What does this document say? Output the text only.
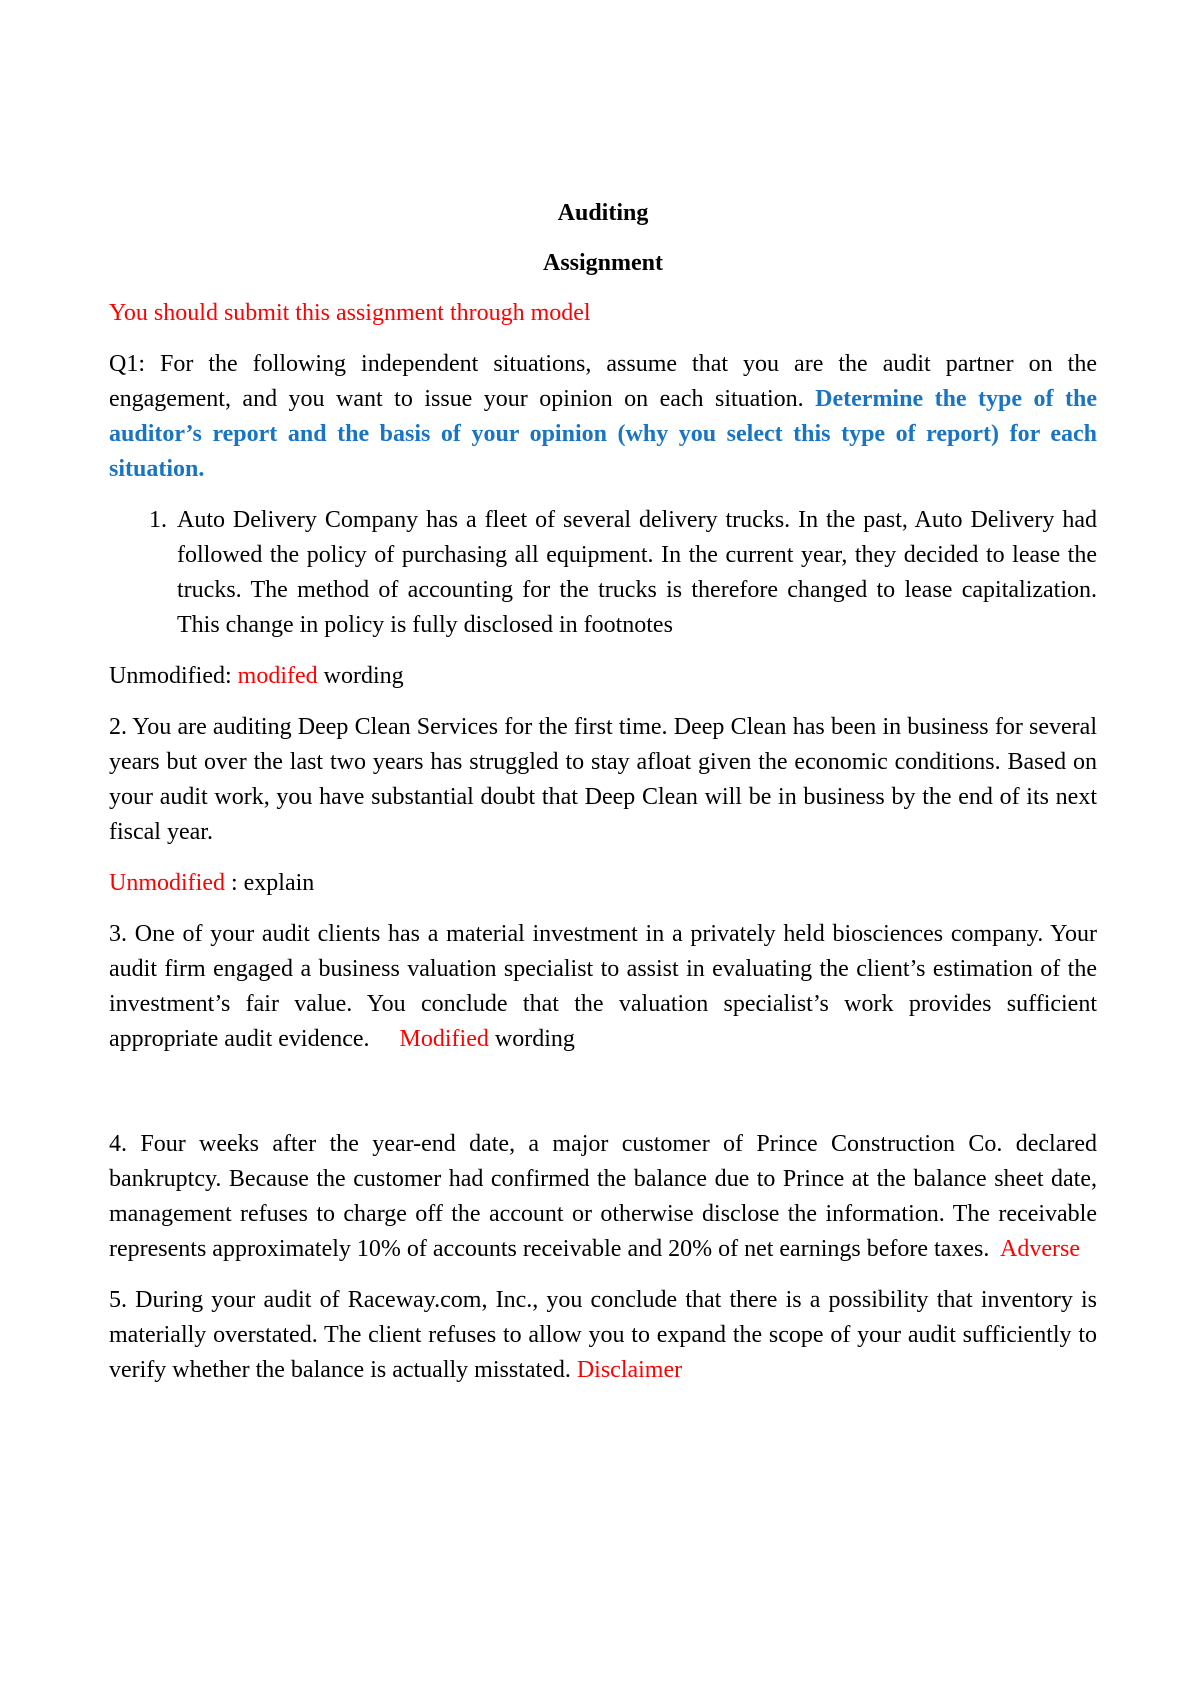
Auditing
Assignment

You should submit this assignment through model

Q1: For the following independent situations, assume that you are the audit partner on the engagement, and you want to issue your opinion on each situation. Determine the type of the auditor’s report and the basis of your opinion (why you select this type of report) for each situation.

1. Auto Delivery Company has a fleet of several delivery trucks. In the past, Auto Delivery had followed the policy of purchasing all equipment. In the current year, they decided to lease the trucks. The method of accounting for the trucks is therefore changed to lease capitalization. This change in policy is fully disclosed in footnotes

Unmodified: modifed wording

2. You are auditing Deep Clean Services for the first time. Deep Clean has been in business for several years but over the last two years has struggled to stay afloat given the economic conditions. Based on your audit work, you have substantial doubt that Deep Clean will be in business by the end of its next fiscal year.

Unmodified : explain

3. One of your audit clients has a material investment in a privately held biosciences company. Your audit firm engaged a business valuation specialist to assist in evaluating the client’s estimation of the investment’s fair value. You conclude that the valuation specialist’s work provides sufficient appropriate audit evidence. Modified wording

4. Four weeks after the year-end date, a major customer of Prince Construction Co. declared bankruptcy. Because the customer had confirmed the balance due to Prince at the balance sheet date, management refuses to charge off the account or otherwise disclose the information. The receivable represents approximately 10% of accounts receivable and 20% of net earnings before taxes. Adverse

5. During your audit of Raceway.com, Inc., you conclude that there is a possibility that inventory is materially overstated. The client refuses to allow you to expand the scope of your audit sufficiently to verify whether the balance is actually misstated. Disclaimer
